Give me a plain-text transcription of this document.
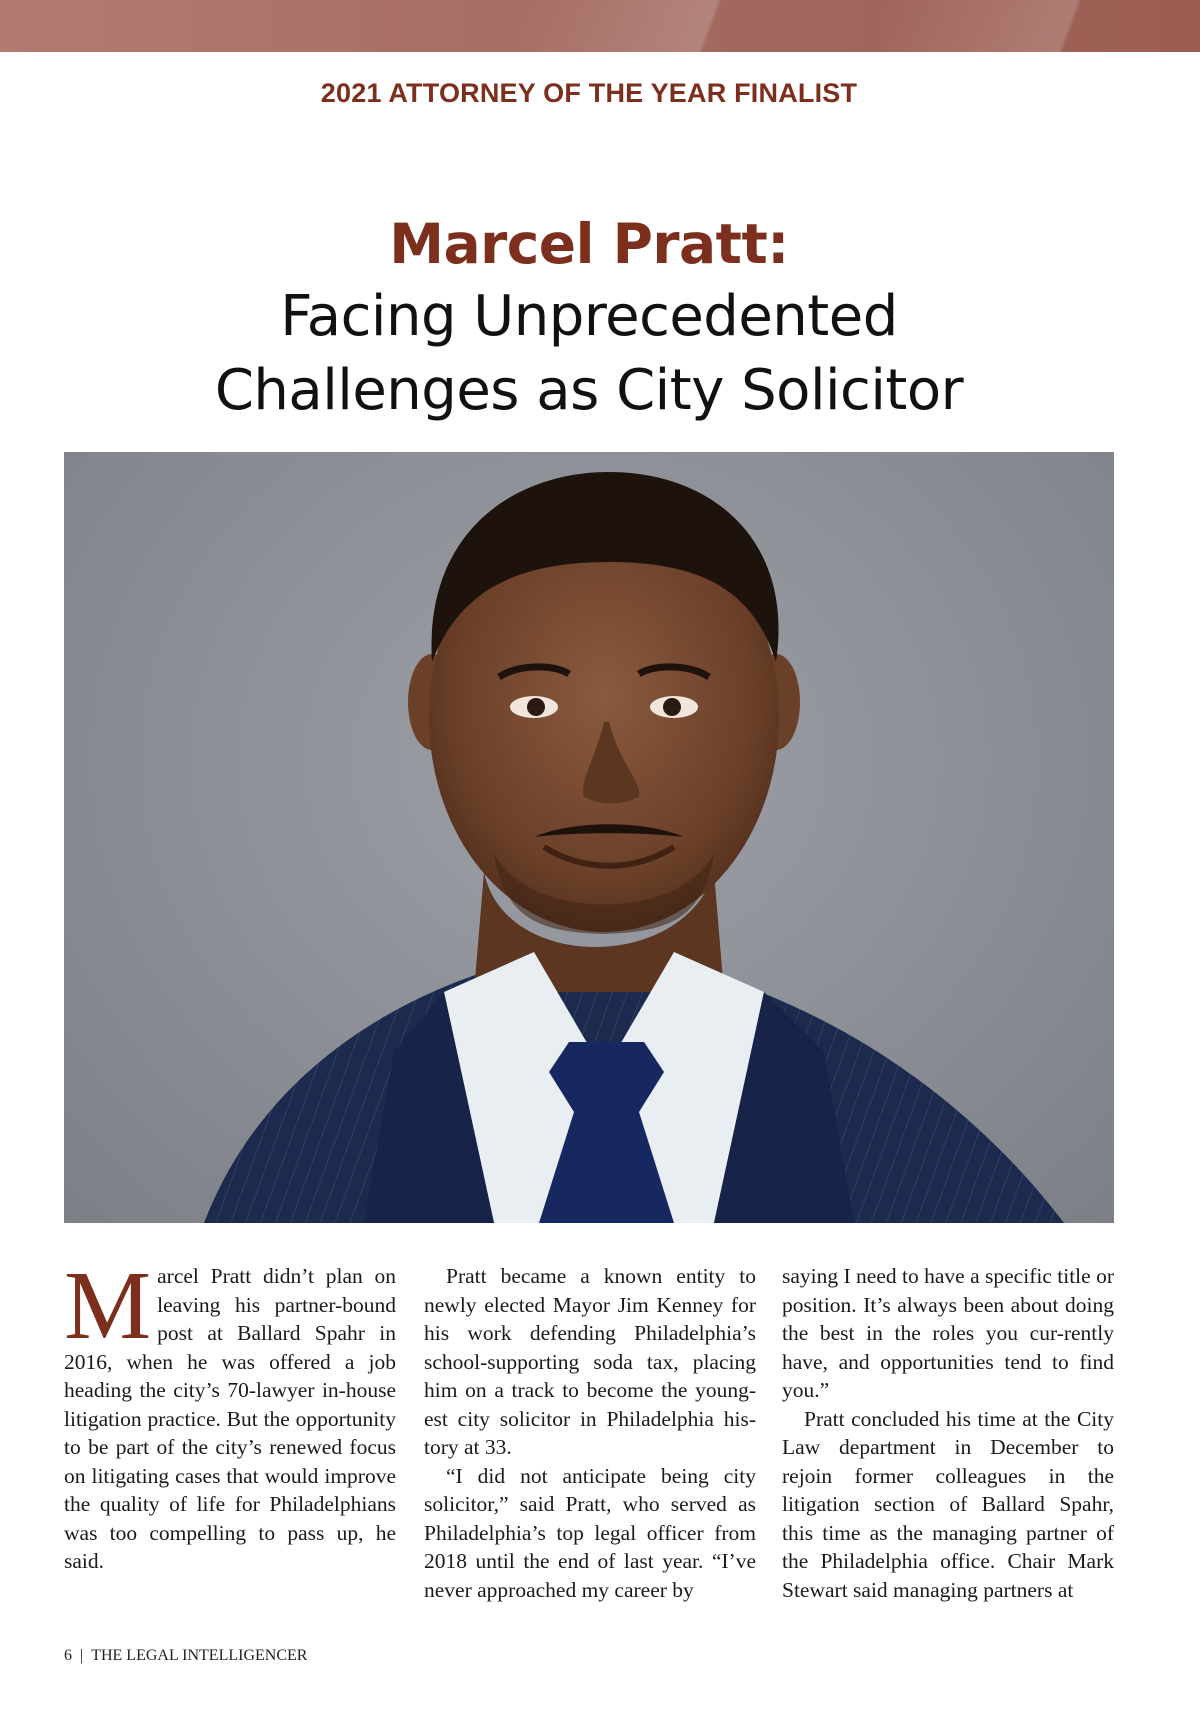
2021 ATTORNEY OF THE YEAR FINALIST
Marcel Pratt:
Facing Unprecedented
Challenges as City Solicitor

Marcel Pratt didn’t plan on leaving his partner-bound post at Ballard Spahr in 2016, when he was offered a job heading the city’s 70-lawyer in-house litigation practice. But the opportunity to be part of the city’s renewed focus on litigating cases that would improve the quality of life for Philadelphians was too compelling to pass up, he said.

Pratt became a known entity to newly elected Mayor Jim Kenney for his work defending Philadelphia’s school-supporting soda tax, placing him on a track to become the young-est city solicitor in Philadelphia his-tory at 33.

“I did not anticipate being city solicitor,” said Pratt, who served as Philadelphia’s top legal officer from 2018 until the end of last year. “I’ve never approached my career by

saying I need to have a specific title or position. It’s always been about doing the best in the roles you cur-rently have, and opportunities tend to find you.”

Pratt concluded his time at the City Law department in December to rejoin former colleagues in the litigation section of Ballard Spahr, this time as the managing partner of the Philadelphia office. Chair Mark Stewart said managing partners at

6 | THE LEGAL INTELLIGENCER
